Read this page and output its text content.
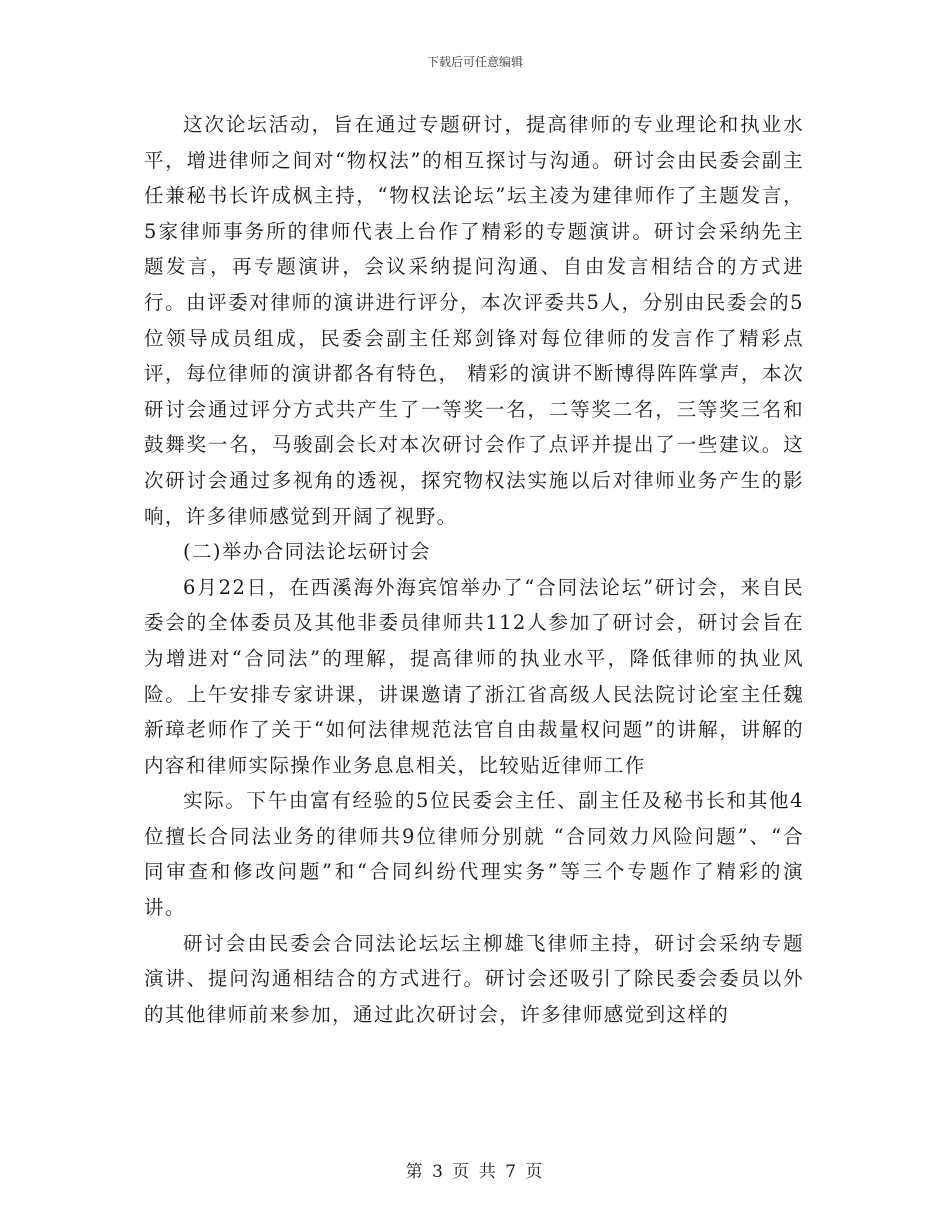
下载后可任意编辑

这次论坛活动，旨在通过专题研讨，提高律师的专业理论和执业水平，增进律师之间对“物权法”的相互探讨与沟通。研讨会由民委会副主任兼秘书长许成枫主持，“物权法论坛”坛主凌为建律师作了主题发言， 5家律师事务所的律师代表上台作了精彩的专题演讲。研讨会采纳先主题发言，再专题演讲，会议采纳提问沟通、自由发言相结合的方式进行。由评委对律师的演讲进行评分，本次评委共5人，分别由民委会的5位领导成员组成，民委会副主任郑剑锋对每位律师的发言作了精彩点评，每位律师的演讲都各有特色， 精彩的演讲不断博得阵阵掌声，本次研讨会通过评分方式共产生了一等奖一名，二等奖二名，三等奖三名和鼓舞奖一名，马骏副会长对本次研讨会作了点评并提出了一些建议。这次研讨会通过多视角的透视，探究物权法实施以后对律师业务产生的影响，许多律师感觉到开阔了视野。

(二)举办合同法论坛研讨会

6月22日，在西溪海外海宾馆举办了“合同法论坛”研讨会，来自民委会的全体委员及其他非委员律师共112人参加了研讨会，研讨会旨在为增进对“合同法”的理解，提高律师的执业水平，降低律师的执业风险。上午安排专家讲课，讲课邀请了浙江省高级人民法院讨论室主任魏新璋老师作了关于“如何法律规范法官自由裁量权问题”的讲解，讲解的内容和律师实际操作业务息息相关，比较贴近律师工作

实际。下午由富有经验的5位民委会主任、副主任及秘书长和其他4位擅长合同法业务的律师共9位律师分别就 “合同效力风险问题”、“合同审查和修改问题”和“合同纠纷代理实务”等三个专题作了精彩的演讲。

研讨会由民委会合同法论坛坛主柳雄飞律师主持，研讨会采纳专题演讲、提问沟通相结合的方式进行。研讨会还吸引了除民委会委员以外的其他律师前来参加，通过此次研讨会，许多律师感觉到这样的

第 3 页 共 7 页
